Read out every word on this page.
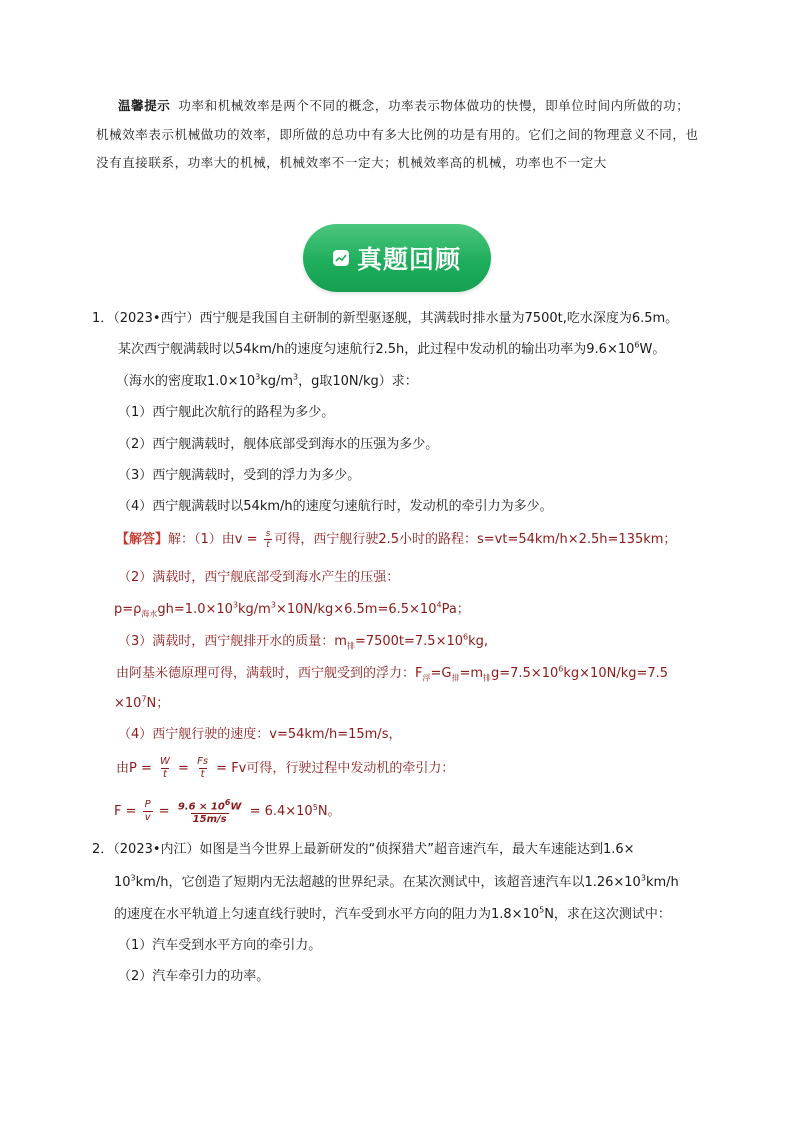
温馨提示 功率和机械效率是两个不同的概念，功率表示物体做功的快慢，即单位时间内所做的功；机械效率表示机械做功的效率，即所做的总功中有多大比例的功是有用的。它们之间的物理意义不同，也没有直接联系，功率大的机械，机械效率不一定大；机械效率高的机械，功率也不一定大
真题回顾
1．（2023•西宁）西宁舰是我国自主研制的新型驱逐舰，其满载时排水量为7500t,吃水深度为6.5m。
某次西宁舰满载时以54km/h的速度匀速航行2.5h，此过程中发动机的输出功率为$9.6\times 10^6W$。
（海水的密度取$1.0\times 10^3kg/m^3$，g取10N/kg）求：
（1）西宁舰此次航行的路程为多少。
（2）西宁舰满载时，舰体底部受到海水的压强为多少。
（3）西宁舰满载时，受到的浮力为多少。
（4）西宁舰满载时以54km/h的速度匀速航行时，发动机的牵引力为多少。
【解答】解：（1）由$v = \frac{s}{t}$ 可得，西宁舰行驶2.5小时的路程：s=vt=54km/h×2.5h=135km；
（2）满载时，西宁舰底部受到海水产生的压强：
$p=\rho_{海水}gh=1.0\times 10^3kg/m^3\times 10N/kg\times 6.5m=6.5\times 10^4Pa$；
（3）满载时，西宁舰排开水的质量：$m_排=7500t=7.5\times 10^6kg$,
由阿基米德原理可得，满载时，西宁舰受到的浮力：$F_浮=G_排=m_排g=7.5\times 10^6kg\times 10N/kg=7.5$
$\times 10^7N$；
（4）西宁舰行驶的速度：v=54km/h=15m/s，
由$P = \frac{W}{t} = \frac{Fs}{t} = Fv$可得，行驶过程中发动机的牵引力：
$F = \frac{P}{v} = \frac{9.6 \times 10^6W}{15m/s} = 6.4\times 10^5N$。
2．（2023•内江）如图是当今世界上最新研发的“侦探猎犬”超音速汽车，最大车速能达到1.6×
$10^3km/h$，它创造了短期内无法超越的世界纪录。在某次测试中，该超音速汽车以$1.26\times 10^3km/h$
的速度在水平轨道上匀速直线行驶时，汽车受到水平方向的阻力为$1.8\times 10^5N$，求在这次测试中：
（1）汽车受到水平方向的牵引力。
（2）汽车牵引力的功率。
